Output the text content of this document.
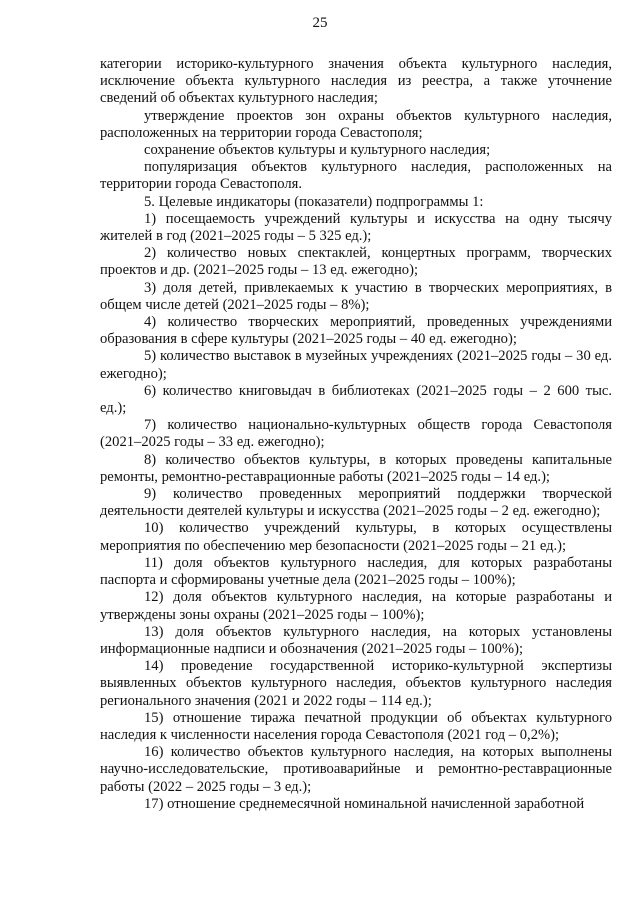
25

категории историко-культурного значения объекта культурного наследия, исключение объекта культурного наследия из реестра, а также уточнение сведений об объектах культурного наследия;

утверждение проектов зон охраны объектов культурного наследия, расположенных на территории города Севастополя;

сохранение объектов культуры и культурного наследия;

популяризация объектов культурного наследия, расположенных на территории города Севастополя.

5. Целевые индикаторы (показатели) подпрограммы 1:

1) посещаемость учреждений культуры и искусства на одну тысячу жителей в год (2021–2025 годы – 5 325 ед.);

2) количество новых спектаклей, концертных программ, творческих проектов и др. (2021–2025 годы – 13 ед. ежегодно);

3) доля детей, привлекаемых к участию в творческих мероприятиях, в общем числе детей (2021–2025 годы – 8%);

4) количество творческих мероприятий, проведенных учреждениями образования в сфере культуры (2021–2025 годы – 40 ед. ежегодно);

5) количество выставок в музейных учреждениях (2021–2025 годы – 30 ед. ежегодно);

6) количество книговыдач в библиотеках (2021–2025 годы – 2 600 тыс. ед.);

7) количество национально-культурных обществ города Севастополя (2021–2025 годы – 33 ед. ежегодно);

8) количество объектов культуры, в которых проведены капитальные ремонты, ремонтно-реставрационные работы (2021–2025 годы – 14 ед.);

9) количество проведенных мероприятий поддержки творческой деятельности деятелей культуры и искусства (2021–2025 годы – 2 ед. ежегодно);

10) количество учреждений культуры, в которых осуществлены мероприятия по обеспечению мер безопасности (2021–2025 годы – 21 ед.);

11) доля объектов культурного наследия, для которых разработаны паспорта и сформированы учетные дела (2021–2025 годы – 100%);

12) доля объектов культурного наследия, на которые разработаны и утверждены зоны охраны (2021–2025 годы – 100%);

13) доля объектов культурного наследия, на которых установлены информационные надписи и обозначения (2021–2025 годы – 100%);

14) проведение государственной историко-культурной экспертизы выявленных объектов культурного наследия, объектов культурного наследия регионального значения (2021 и 2022 годы – 114 ед.);

15) отношение тиража печатной продукции об объектах культурного наследия к численности населения города Севастополя (2021 год – 0,2%);

16) количество объектов культурного наследия, на которых выполнены научно-исследовательские, противоаварийные и ремонтно-реставрационные работы (2022 – 2025 годы – 3 ед.);

17) отношение среднемесячной номинальной начисленной заработной
